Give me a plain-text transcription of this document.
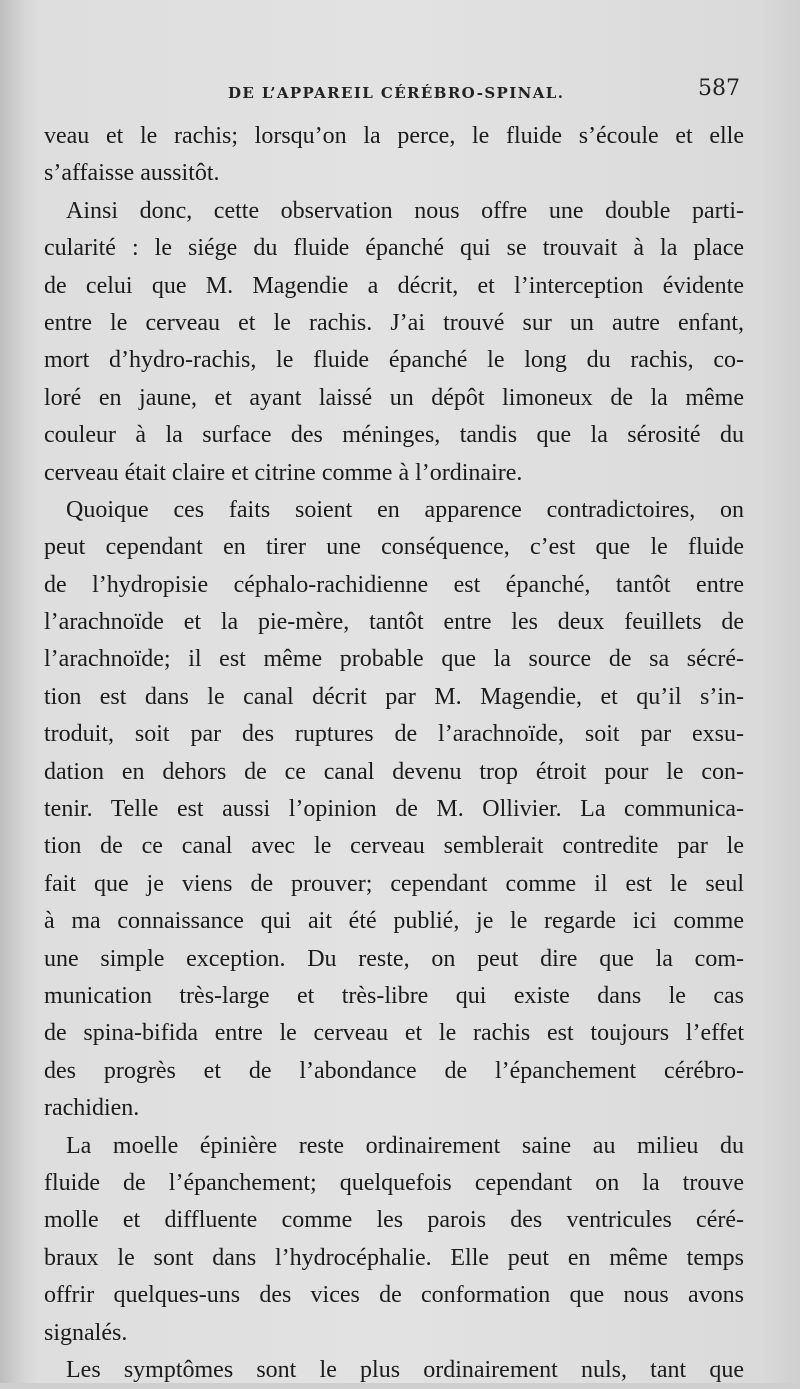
DE L’APPAREIL CÉRÉBRO-SPINAL.	587
veau et le rachis; lorsqu’on la perce, le fluide s’écoule et elle
s’affaisse aussitôt.
Ainsi donc, cette observation nous offre une double parti-
cularité : le siége du fluide épanché qui se trouvait à la place
de celui que M. Magendie a décrit, et l’interception évidente
entre le cerveau et le rachis. J’ai trouvé sur un autre enfant,
mort d’hydro-rachis, le fluide épanché le long du rachis, co-
loré en jaune, et ayant laissé un dépôt limoneux de la même
couleur à la surface des méninges, tandis que la sérosité du
cerveau était claire et citrine comme à l’ordinaire.
Quoique ces faits soient en apparence contradictoires, on
peut cependant en tirer une conséquence, c’est que le fluide
de l’hydropisie céphalo-rachidienne est épanché, tantôt entre
l’arachnoïde et la pie-mère, tantôt entre les deux feuillets de
l’arachnoïde; il est même probable que la source de sa sécré-
tion est dans le canal décrit par M. Magendie, et qu’il s’in-
troduit, soit par des ruptures de l’arachnoïde, soit par exsu-
dation en dehors de ce canal devenu trop étroit pour le con-
tenir. Telle est aussi l’opinion de M. Ollivier. La communica-
tion de ce canal avec le cerveau semblerait contredite par le
fait que je viens de prouver; cependant comme il est le seul
à ma connaissance qui ait été publié, je le regarde ici comme
une simple exception. Du reste, on peut dire que la com-
munication très-large et très-libre qui existe dans le cas
de spina-bifida entre le cerveau et le rachis est toujours l’effet
des progrès et de l’abondance de l’épanchement cérébro-
rachidien.
La moelle épinière reste ordinairement saine au milieu du
fluide de l’épanchement; quelquefois cependant on la trouve
molle et diffluente comme les parois des ventricules céré-
braux le sont dans l’hydrocéphalie. Elle peut en même temps
offrir quelques-uns des vices de conformation que nous avons
signalés.
Les symptômes sont le plus ordinairement nuls, tant que
